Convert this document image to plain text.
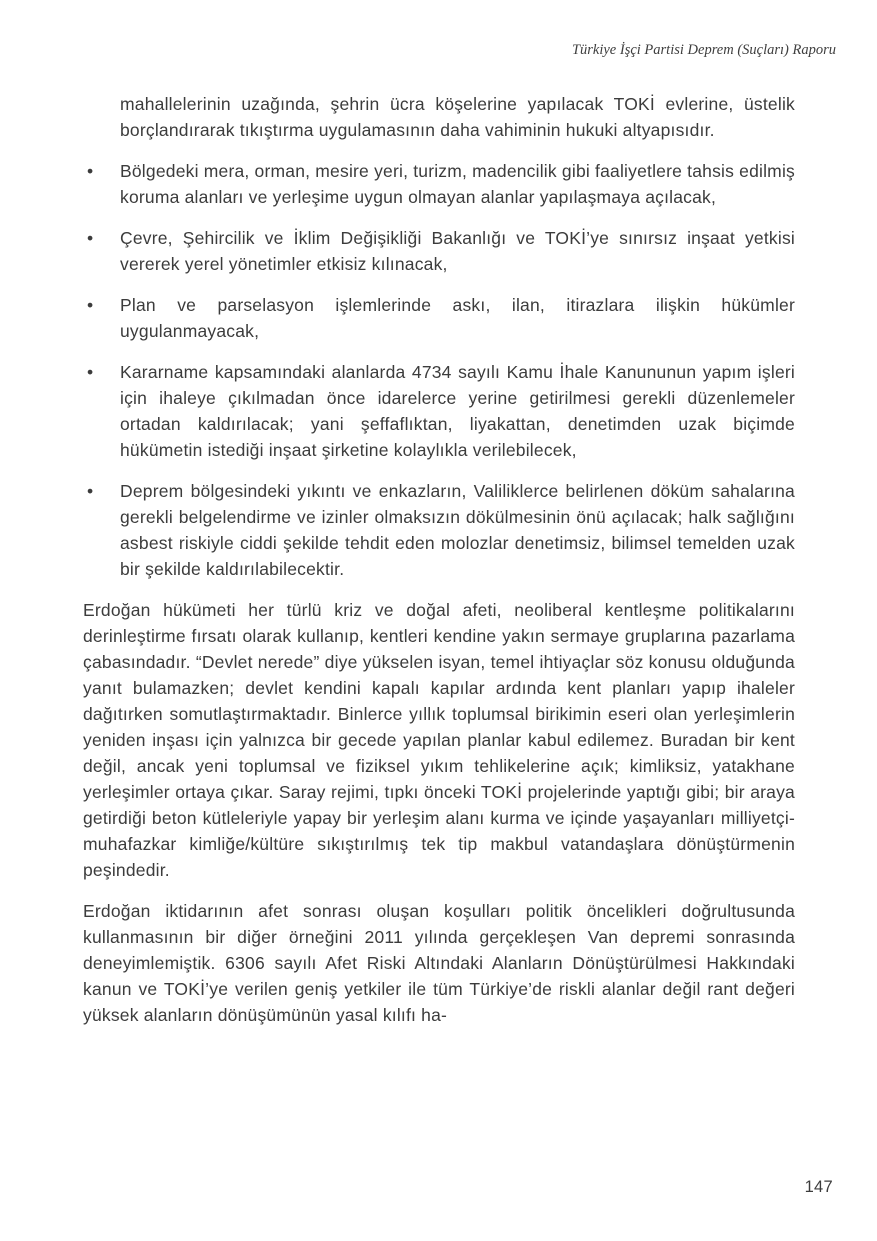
Türkiye İşçi Partisi Deprem (Suçları) Raporu

mahallelerinin uzağında, şehrin ücra köşelerine yapılacak TOKİ evlerine, üstelik borçlandırarak tıkıştırma uygulamasının daha vahiminin hukuki altyapısıdır.

• Bölgedeki mera, orman, mesire yeri, turizm, madencilik gibi faaliyetlere tahsis edilmiş koruma alanları ve yerleşime uygun olmayan alanlar yapılaşmaya açılacak,
• Çevre, Şehircilik ve İklim Değişikliği Bakanlığı ve TOKİ’ye sınırsız inşaat yetkisi vererek yerel yönetimler etkisiz kılınacak,
• Plan ve parselasyon işlemlerinde askı, ilan, itirazlara ilişkin hükümler uygulanmayacak,
• Kararname kapsamındaki alanlarda 4734 sayılı Kamu İhale Kanununun yapım işleri için ihaleye çıkılmadan önce idarelerce yerine getirilmesi gerekli düzenlemeler ortadan kaldırılacak; yani şeffaflıktan, liyakattan, denetimden uzak biçimde hükümetin istediği inşaat şirketine kolaylıkla verilebilecek,
• Deprem bölgesindeki yıkıntı ve enkazların, Valiliklerce belirlenen döküm sahalarına gerekli belgelendirme ve izinler olmaksızın dökülmesinin önü açılacak; halk sağlığını asbest riskiyle ciddi şekilde tehdit eden molozlar denetimsiz, bilimsel temelden uzak bir şekilde kaldırılabilecektir.

Erdoğan hükümeti her türlü kriz ve doğal afeti, neoliberal kentleşme politikalarını derinleştirme fırsatı olarak kullanıp, kentleri kendine yakın sermaye gruplarına pazarlama çabasındadır. “Devlet nerede” diye yükselen isyan, temel ihtiyaçlar söz konusu olduğunda yanıt bulamazken; devlet kendini kapalı kapılar ardında kent planları yapıp ihaleler dağıtırken somutlaştırmaktadır. Binlerce yıllık toplumsal birikimin eseri olan yerleşimlerin yeniden inşası için yalnızca bir gecede yapılan planlar kabul edilemez. Buradan bir kent değil, ancak yeni toplumsal ve fiziksel yıkım tehlikelerine açık; kimliksiz, yatakhane yerleşimler ortaya çıkar. Saray rejimi, tıpkı önceki TOKİ projelerinde yaptığı gibi; bir araya getirdiği beton kütleleriyle yapay bir yerleşim alanı kurma ve içinde yaşayanları milliyetçi-muhafazkar kimliğe/kültüre sıkıştırılmış tek tip makbul vatandaşlara dönüştürmenin peşindedir.

Erdoğan iktidarının afet sonrası oluşan koşulları politik öncelikleri doğrultusunda kullanmasının bir diğer örneğini 2011 yılında gerçekleşen Van depremi sonrasında deneyimlemiştik. 6306 sayılı Afet Riski Altındaki Alanların Dönüştürülmesi Hakkındaki kanun ve TOKİ’ye verilen geniş yetkiler ile tüm Türkiye’de riskli alanlar değil rant değeri yüksek alanların dönüşümünün yasal kılıfı ha-

147
